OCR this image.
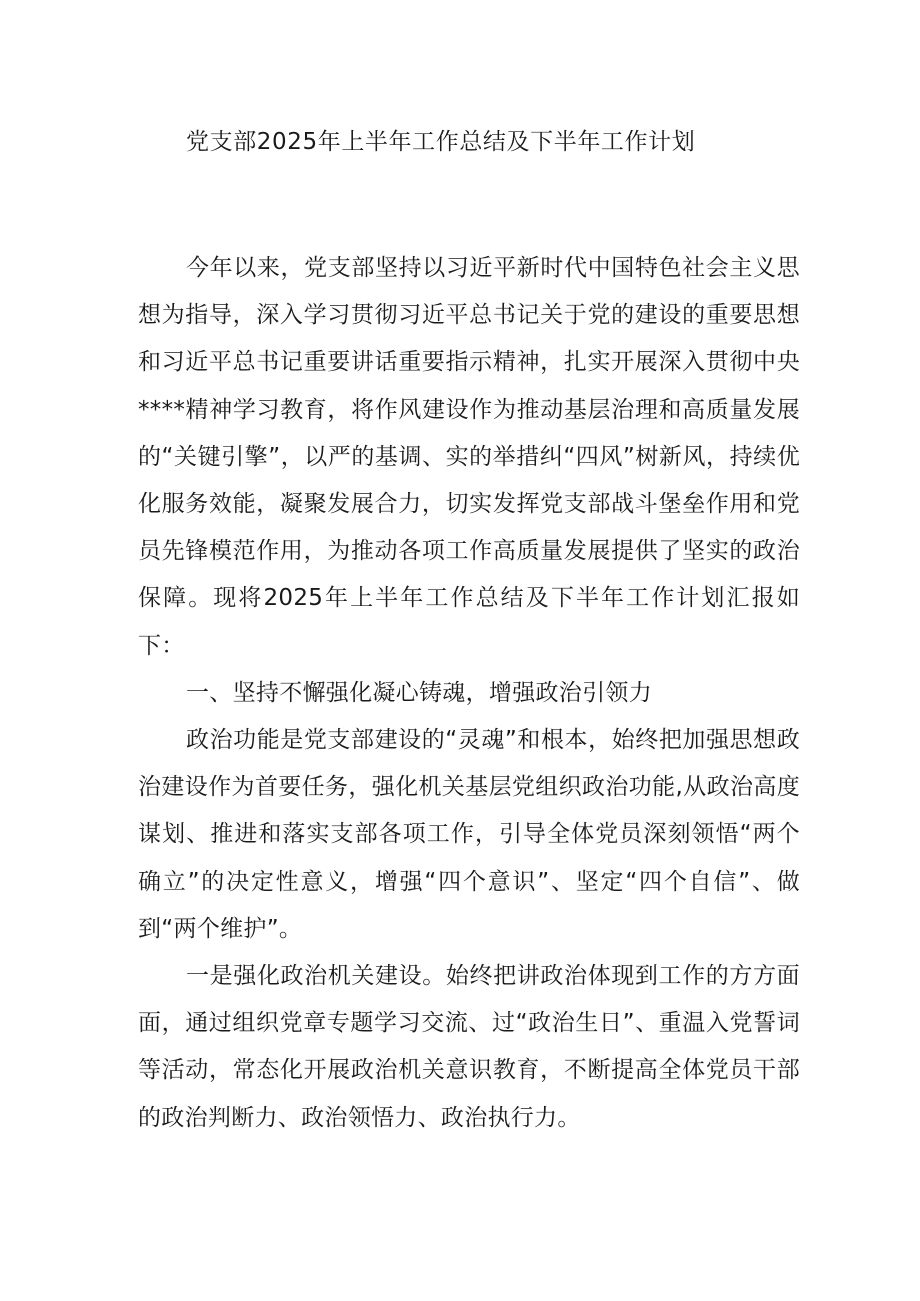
党支部2025年上半年工作总结及下半年工作计划

今年以来，党支部坚持以习近平新时代中国特色社会主义思想为指导，深入学习贯彻习近平总书记关于党的建设的重要思想和习近平总书记重要讲话重要指示精神，扎实开展深入贯彻中央****精神学习教育，将作风建设作为推动基层治理和高质量发展的“关键引擎”，以严的基调、实的举措纠“四风”树新风，持续优化服务效能，凝聚发展合力，切实发挥党支部战斗堡垒作用和党员先锋模范作用，为推动各项工作高质量发展提供了坚实的政治保障。现将2025年上半年工作总结及下半年工作计划汇报如下：

一、坚持不懈强化凝心铸魂，增强政治引领力

政治功能是党支部建设的“灵魂”和根本，始终把加强思想政治建设作为首要任务，强化机关基层党组织政治功能,从政治高度谋划、推进和落实支部各项工作，引导全体党员深刻领悟“两个确立”的决定性意义，增强“四个意识”、坚定“四个自信”、做到“两个维护”。

一是强化政治机关建设。始终把讲政治体现到工作的方方面面，通过组织党章专题学习交流、过“政治生日”、重温入党誓词等活动，常态化开展政治机关意识教育，不断提高全体党员干部的政治判断力、政治领悟力、政治执行力。
